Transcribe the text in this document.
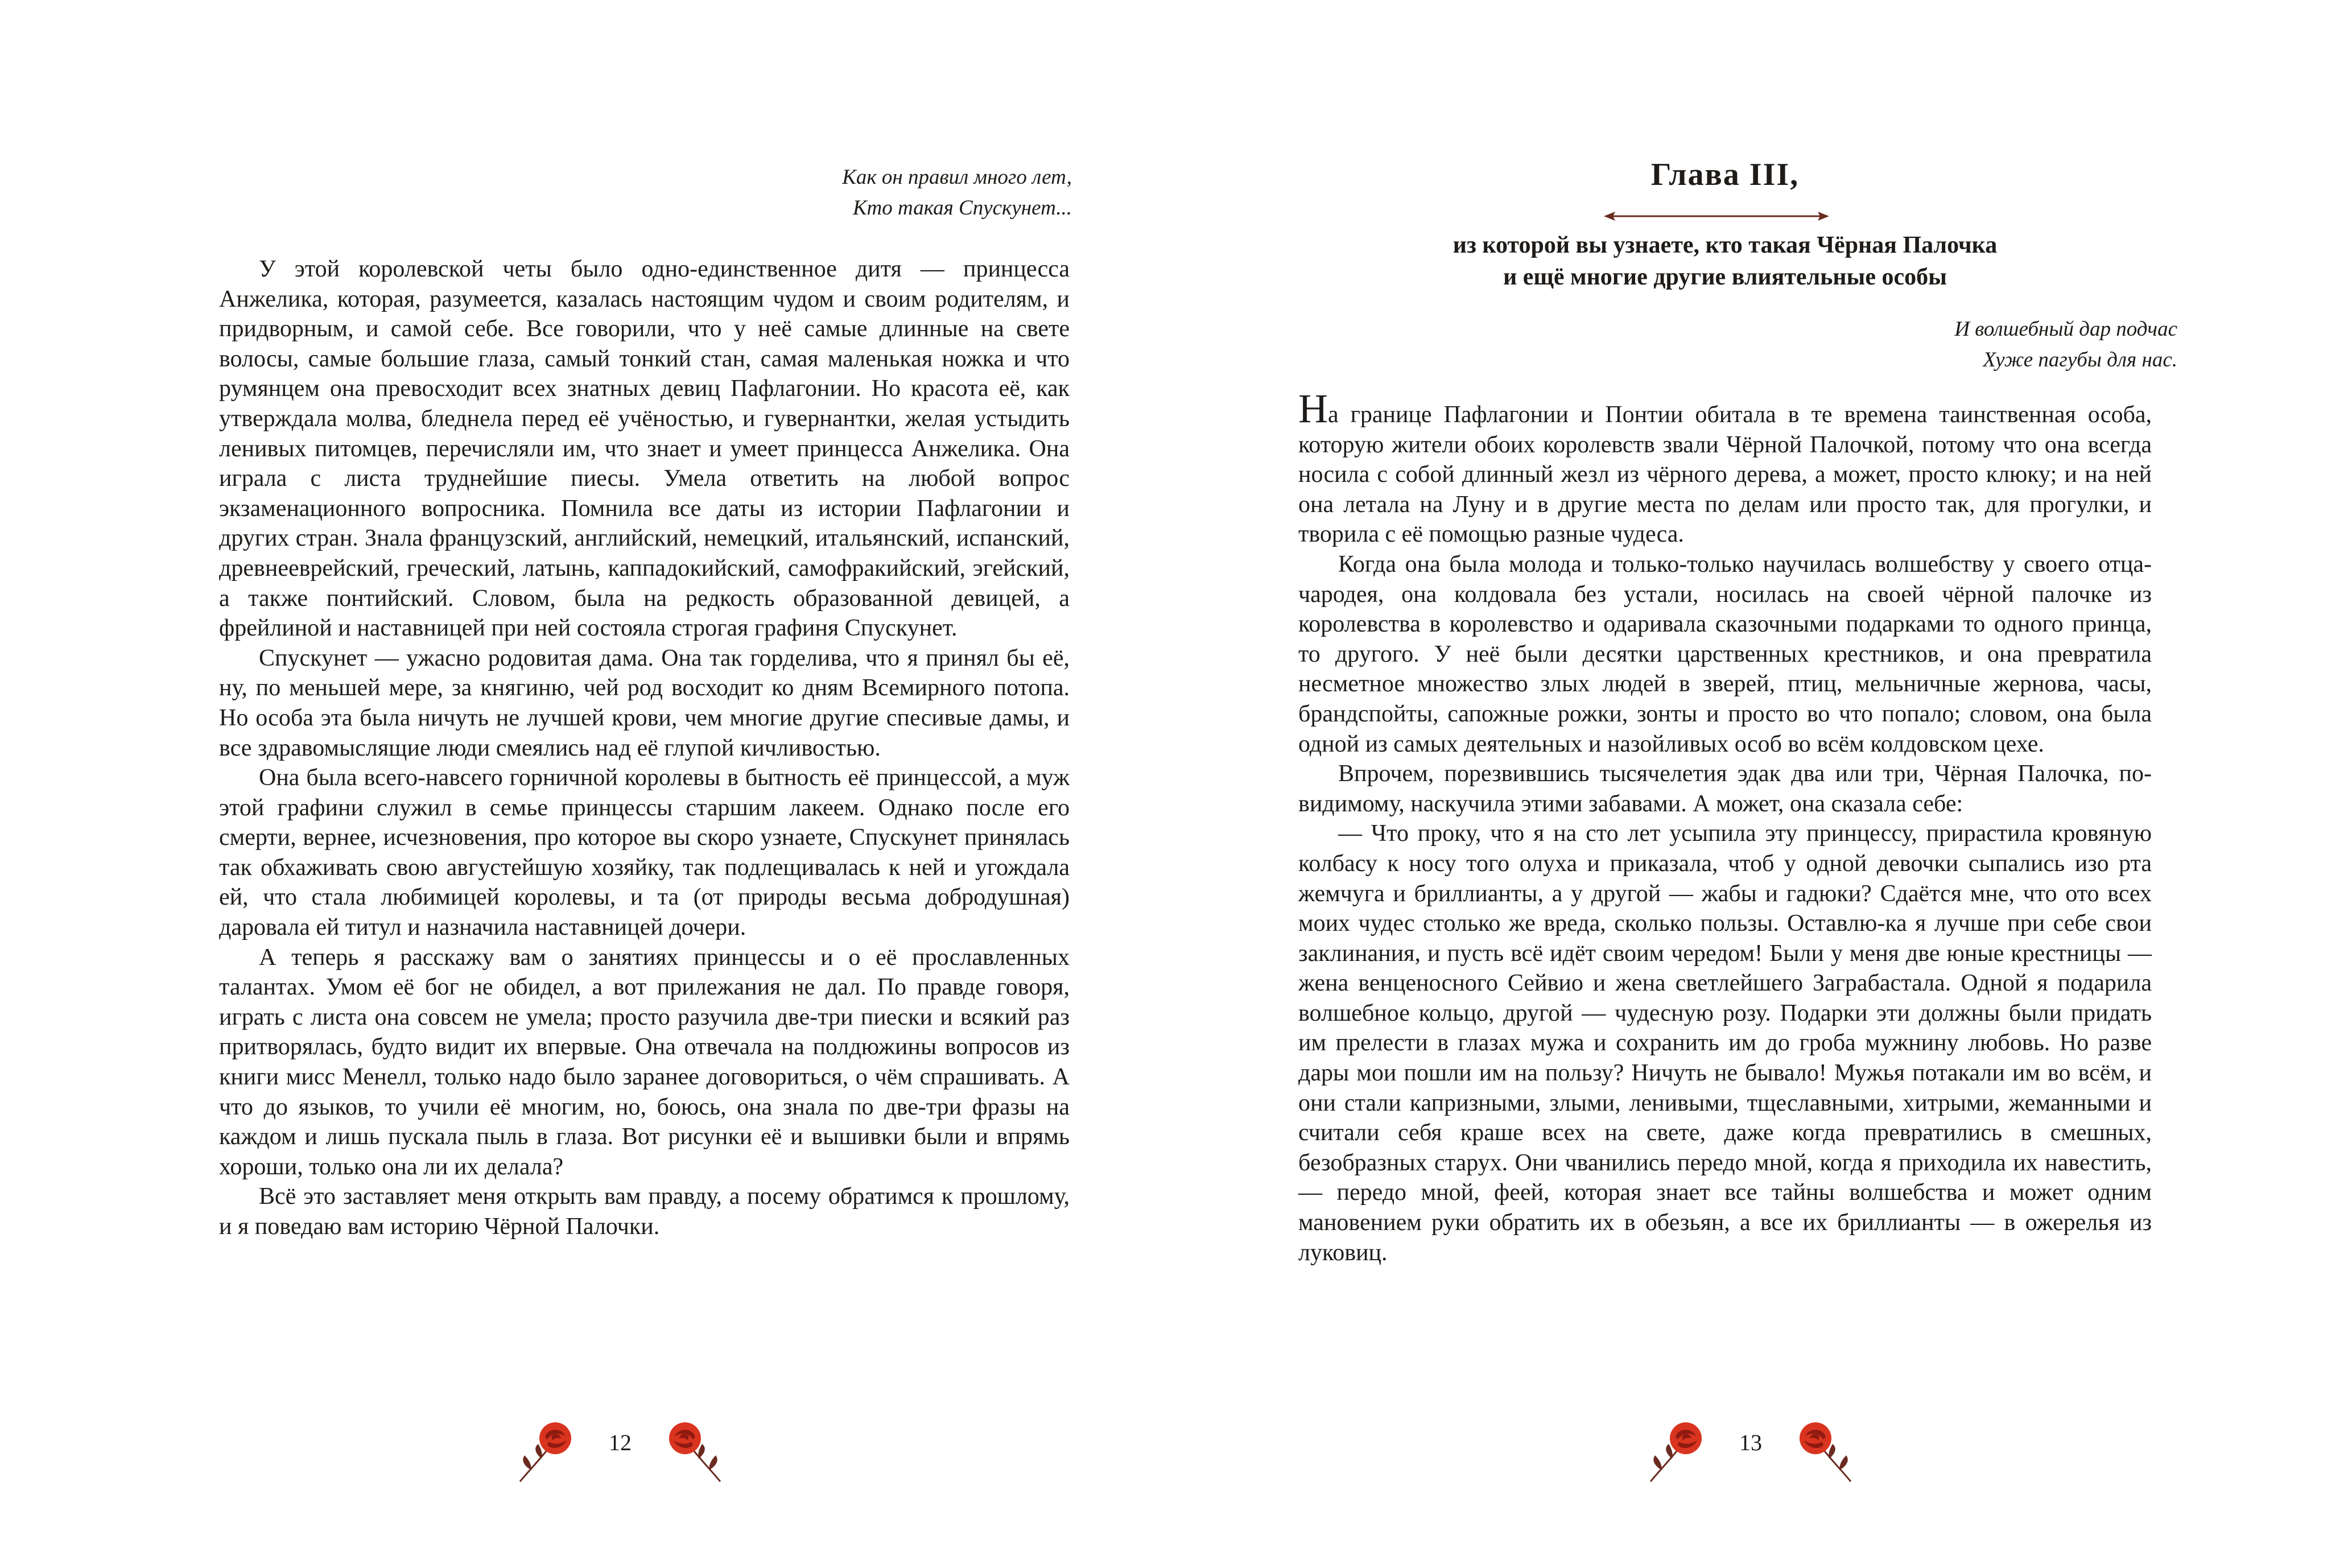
Как он правил много лет,
Кто такая Спускунет...

У этой королевской четы было одно-единственное дитя — принцесса Анжелика, которая, разумеется, казалась настоящим чудом и своим родителям, и придворным, и самой себе. Все говорили, что у неё самые длинные на свете волосы, самые большие глаза, самый тонкий стан, самая маленькая ножка и что румянцем она превосходит всех знатных девиц Пафлагонии. Но красота её, как утверждала молва, бледнела перед её учёностью, и гувернантки, желая устыдить ленивых питомцев, перечисляли им, что знает и умеет принцесса Анжелика. Она играла с листа труднейшие пиесы. Умела ответить на любой вопрос экзаменационного вопросника. Помнила все даты из истории Пафлагонии и других стран. Знала французский, английский, немецкий, итальянский, испанский, древнееврейский, греческий, латынь, каппадокийский, самофракийский, эгейский, а также понтийский. Словом, была на редкость образованной девицей, а фрейлиной и наставницей при ней состояла строгая графиня Спускунет.

Спускунет — ужасно родовитая дама. Она так горделива, что я принял бы её, ну, по меньшей мере, за княгиню, чей род восходит ко дням Всемирного потопа. Но особа эта была ничуть не лучшей крови, чем многие другие спесивые дамы, и все здравомыслящие люди смеялись над её глупой кичливостью.

Она была всего-навсего горничной королевы в бытность её принцессой, а муж этой графини служил в семье принцессы старшим лакеем. Однако после его смерти, вернее, исчезновения, про которое вы скоро узнаете, Спускунет принялась так обхаживать свою августейшую хозяйку, так подлещивалась к ней и угождала ей, что стала любимицей королевы, и та (от природы весьма добродушная) даровала ей титул и назначила наставницей дочери.

А теперь я расскажу вам о занятиях принцессы и о её прославленных талантах. Умом её бог не обидел, а вот прилежания не дал. По правде говоря, играть с листа она совсем не умела; просто разучила две-три пиески и всякий раз притворялась, будто видит их впервые. Она отвечала на полдюжины вопросов из книги мисс Менелл, только надо было заранее договориться, о чём спрашивать. А что до языков, то учили её многим, но, боюсь, она знала по две-три фразы на каждом и лишь пускала пыль в глаза. Вот рисунки её и вышивки были и впрямь хороши, только она ли их делала?

Всё это заставляет меня открыть вам правду, а посему обратимся к прошлому, и я поведаю вам историю Чёрной Палочки.

12
Глава III,
из которой вы узнаете, кто такая Чёрная Палочка
и ещё многие другие влиятельные особы
И волшебный дар подчас
Хуже пагубы для нас.

На границе Пафлагонии и Понтии обитала в те времена таинственная особа, которую жители обоих королевств звали Чёрной Палочкой, потому что она всегда носила с собой длинный жезл из чёрного дерева, а может, просто клюку; и на ней она летала на Луну и в другие места по делам или просто так, для прогулки, и творила с её помощью разные чудеса.

Когда она была молода и только-только научилась волшебству у своего отца-чародея, она колдовала без устали, носилась на своей чёрной палочке из королевства в королевство и одаривала сказочными подарками то одного принца, то другого. У неё были десятки царственных крестников, и она превратила несметное множество злых людей в зверей, птиц, мельничные жернова, часы, брандспойты, сапожные рожки, зонты и просто во что попало; словом, она была одной из самых деятельных и назойливых особ во всём колдовском цехе.

Впрочем, порезвившись тысячелетия эдак два или три, Чёрная Палочка, по-видимому, наскучила этими забавами. А может, она сказала себе:

— Что проку, что я на сто лет усыпила эту принцессу, прирастила кровяную колбасу к носу того олуха и приказала, чтоб у одной девочки сыпались изо рта жемчуга и бриллианты, а у другой — жабы и гадюки? Сдаётся мне, что ото всех моих чудес столько же вреда, сколько пользы. Оставлю-ка я лучше при себе свои заклинания, и пусть всё идёт своим чередом! Были у меня две юные крестницы — жена венценосного Сейвио и жена светлейшего Заграбастала. Одной я подарила волшебное кольцо, другой — чудесную розу. Подарки эти должны были придать им прелести в глазах мужа и сохранить им до гроба мужнину любовь. Но разве дары мои пошли им на пользу? Ничуть не бывало! Мужья потакали им во всём, и они стали капризными, злыми, ленивыми, тщеславными, хитрыми, жеманными и считали себя краше всех на свете, даже когда превратились в смешных, безобразных старух. Они чванились передо мной, когда я приходила их навестить, — передо мной, феей, которая знает все тайны волшебства и может одним мановением руки обратить их в обезьян, а все их бриллианты — в ожерелья из луковиц.

13
